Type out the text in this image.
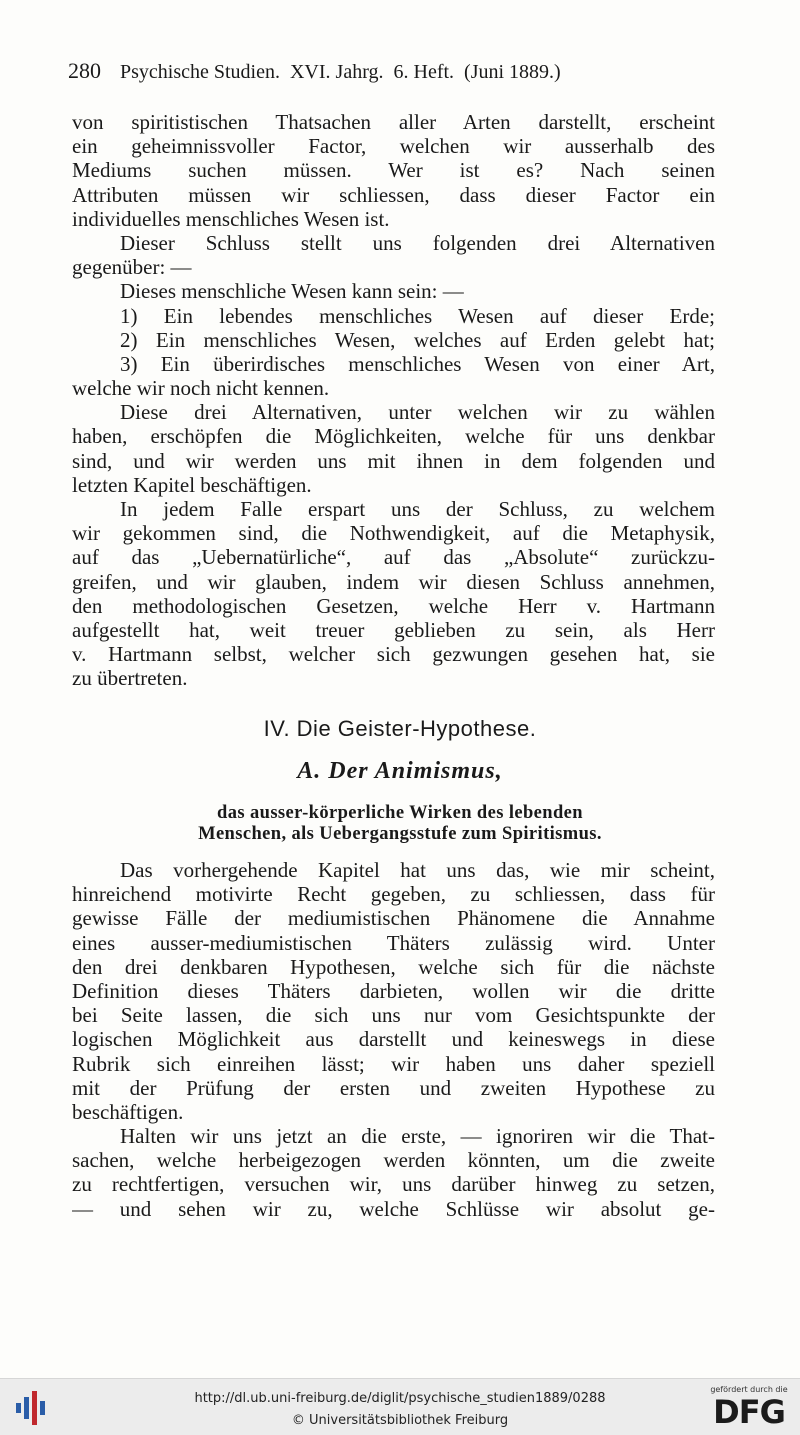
280 Psychische Studien.  XVI. Jahrg.  6. Heft.  (Juni 1889.)
von spiritistischen Thatsachen aller Arten darstellt, erscheint
ein geheimnissvoller Factor, welchen wir ausserhalb des
Mediums suchen müssen. Wer ist es? Nach seinen
Attributen müssen wir schliessen, dass dieser Factor ein
individuelles menschliches Wesen ist.
Dieser Schluss stellt uns folgenden drei Alternativen
gegenüber: —
Dieses menschliche Wesen kann sein: —
1) Ein lebendes menschliches Wesen auf dieser Erde;
2) Ein menschliches Wesen, welches auf Erden gelebt hat;
3) Ein überirdisches menschliches Wesen von einer Art,
welche wir noch nicht kennen.
Diese drei Alternativen, unter welchen wir zu wählen
haben, erschöpfen die Möglichkeiten, welche für uns denkbar
sind, und wir werden uns mit ihnen in dem folgenden und
letzten Kapitel beschäftigen.
In jedem Falle erspart uns der Schluss, zu welchem
wir gekommen sind, die Nothwendigkeit, auf die Metaphysik,
auf das „Uebernatürliche“, auf das „Absolute“ zurückzu-
greifen, und wir glauben, indem wir diesen Schluss annehmen,
den methodologischen Gesetzen, welche Herr v. Hartmann
aufgestellt hat, weit treuer geblieben zu sein, als Herr
v. Hartmann selbst, welcher sich gezwungen gesehen hat, sie
zu übertreten.
IV. Die Geister-Hypothese.
A. Der Animismus,
das ausser-körperliche Wirken des lebenden
Menschen, als Uebergangsstufe zum Spiritismus.
Das vorhergehende Kapitel hat uns das, wie mir scheint,
hinreichend motivirte Recht gegeben, zu schliessen, dass für
gewisse Fälle der mediumistischen Phänomene die Annahme
eines ausser-mediumistischen Thäters zulässig wird. Unter
den drei denkbaren Hypothesen, welche sich für die nächste
Definition dieses Thäters darbieten, wollen wir die dritte
bei Seite lassen, die sich uns nur vom Gesichtspunkte der
logischen Möglichkeit aus darstellt und keineswegs in diese
Rubrik sich einreihen lässt; wir haben uns daher speziell
mit der Prüfung der ersten und zweiten Hypothese zu
beschäftigen.
Halten wir uns jetzt an die erste, — ignoriren wir die That-
sachen, welche herbeigezogen werden könnten, um die zweite
zu rechtfertigen, versuchen wir, uns darüber hinweg zu setzen,
— und sehen wir zu, welche Schlüsse wir absolut ge-
http://dl.ub.uni-freiburg.de/diglit/psychische_studien1889/0288
© Universitätsbibliothek Freiburg
gefördert durch die
DFG
